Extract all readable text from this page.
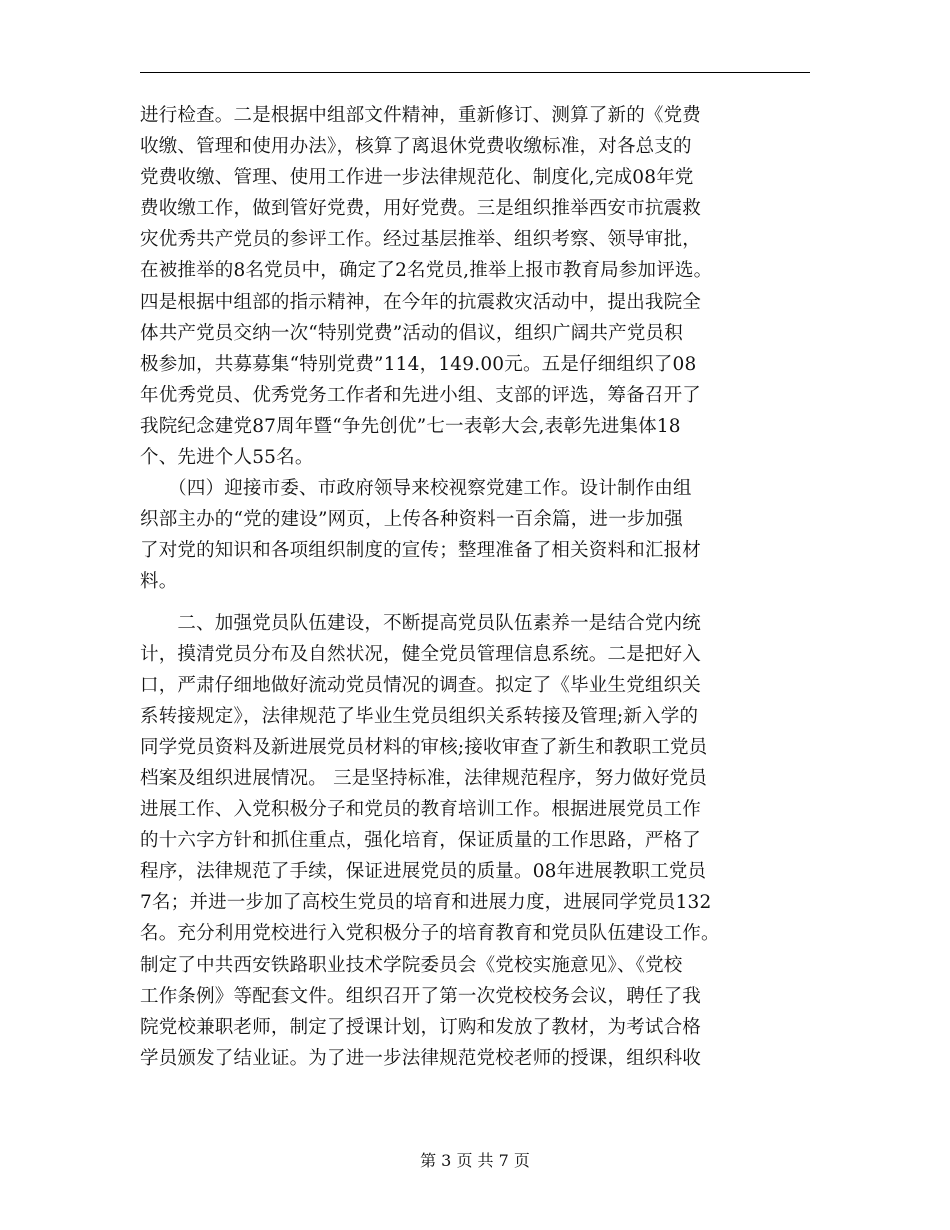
进行检查。二是根据中组部文件精神，重新修订、测算了新的《党费
收缴、管理和使用办法》，核算了离退休党费收缴标准，对各总支的
党费收缴、管理、使用工作进一步法律规范化、制度化,完成08年党
费收缴工作，做到管好党费，用好党费。三是组织推举西安市抗震救
灾优秀共产党员的参评工作。经过基层推举、组织考察、领导审批，
在被推举的8名党员中，确定了2名党员,推举上报市教育局参加评选。
四是根据中组部的指示精神，在今年的抗震救灾活动中，提出我院全
体共产党员交纳一次“特别党费”活动的倡议，组织广阔共产党员积
极参加，共募募集“特别党费”114，149.00元。五是仔细组织了08
年优秀党员、优秀党务工作者和先进小组、支部的评选，筹备召开了
我院纪念建党87周年暨“争先创优”七一表彰大会,表彰先进集体18
个、先进个人55名。
　　（四）迎接市委、市政府领导来校视察党建工作。设计制作由组
织部主办的“党的建设”网页，上传各种资料一百余篇，进一步加强
了对党的知识和各项组织制度的宣传；整理准备了相关资料和汇报材
料。
　　二、加强党员队伍建设，不断提高党员队伍素养一是结合党内统
计，摸清党员分布及自然状况，健全党员管理信息系统。二是把好入
口，严肃仔细地做好流动党员情况的调查。拟定了《毕业生党组织关
系转接规定》，法律规范了毕业生党员组织关系转接及管理;新入学的
同学党员资料及新进展党员材料的审核;接收审查了新生和教职工党员
档案及组织进展情况。 三是坚持标准，法律规范程序，努力做好党员
进展工作、入党积极分子和党员的教育培训工作。根据进展党员工作
的十六字方针和抓住重点，强化培育，保证质量的工作思路，严格了
程序，法律规范了手续，保证进展党员的质量。08年进展教职工党员
7名；并进一步加了高校生党员的培育和进展力度，进展同学党员132
名。充分利用党校进行入党积极分子的培育教育和党员队伍建设工作。
制定了中共西安铁路职业技术学院委员会《党校实施意见》、《党校
工作条例》等配套文件。组织召开了第一次党校校务会议，聘任了我
院党校兼职老师，制定了授课计划，订购和发放了教材，为考试合格
学员颁发了结业证。为了进一步法律规范党校老师的授课，组织科收
第 3 页 共 7 页
